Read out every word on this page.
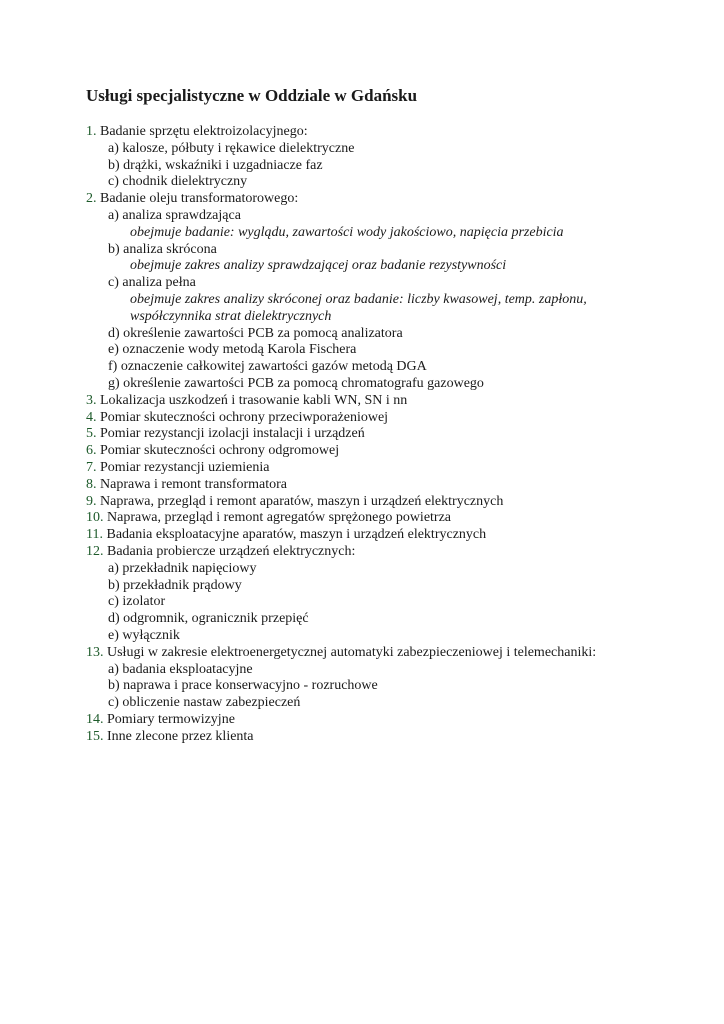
Usługi specjalistyczne w Oddziale w Gdańsku
1. Badanie sprzętu elektroizolacyjnego:
a) kalosze, półbuty i rękawice dielektryczne
b) drążki, wskaźniki i uzgadniacze faz
c) chodnik dielektryczny
2. Badanie oleju transformatorowego:
a) analiza sprawdzająca
obejmuje badanie: wyglądu, zawartości wody jakościowo, napięcia przebicia
b) analiza skrócona
obejmuje zakres analizy sprawdzającej oraz badanie rezystywności
c) analiza pełna
obejmuje zakres analizy skróconej oraz badanie: liczby kwasowej, temp. zapłonu,
współczynnika strat dielektrycznych
d) określenie zawartości PCB za pomocą analizatora
e) oznaczenie wody metodą Karola Fischera
f) oznaczenie całkowitej zawartości gazów metodą DGA
g) określenie zawartości PCB za pomocą chromatografu gazowego
3. Lokalizacja uszkodzeń i trasowanie kabli WN, SN i nn
4. Pomiar skuteczności ochrony przeciwporażeniowej
5. Pomiar rezystancji izolacji instalacji i urządzeń
6. Pomiar skuteczności ochrony odgromowej
7. Pomiar rezystancji uziemienia
8. Naprawa i remont transformatora
9. Naprawa, przegląd i remont aparatów, maszyn i urządzeń elektrycznych
10. Naprawa, przegląd i remont agregatów sprężonego powietrza
11. Badania eksploatacyjne aparatów, maszyn i urządzeń elektrycznych
12. Badania probiercze urządzeń elektrycznych:
a) przekładnik napięciowy
b) przekładnik prądowy
c) izolator
d) odgromnik, ogranicznik przepięć
e) wyłącznik
13. Usługi w zakresie elektroenergetycznej automatyki zabezpieczeniowej i telemechaniki:
a) badania eksploatacyjne
b) naprawa i prace konserwacyjno - rozruchowe
c) obliczenie nastaw zabezpieczeń
14. Pomiary termowizyjne
15. Inne zlecone przez klienta
